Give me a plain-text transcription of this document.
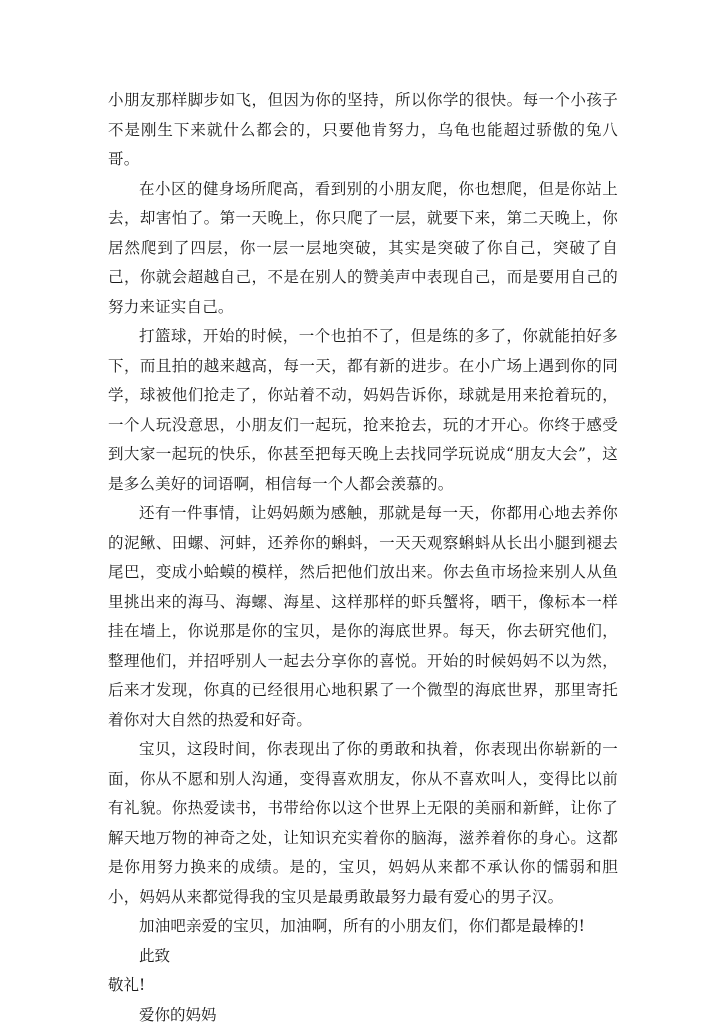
小朋友那样脚步如飞，但因为你的坚持，所以你学的很快。每一个小孩子不是刚生下来就什么都会的，只要他肯努力，乌龟也能超过骄傲的兔八哥。

在小区的健身场所爬高，看到别的小朋友爬，你也想爬，但是你站上去，却害怕了。第一天晚上，你只爬了一层，就要下来，第二天晚上，你居然爬到了四层，你一层一层地突破，其实是突破了你自己，突破了自己，你就会超越自己，不是在别人的赞美声中表现自己，而是要用自己的努力来证实自己。

打篮球，开始的时候，一个也拍不了，但是练的多了，你就能拍好多下，而且拍的越来越高，每一天，都有新的进步。在小广场上遇到你的同学，球被他们抢走了，你站着不动，妈妈告诉你，球就是用来抢着玩的，一个人玩没意思，小朋友们一起玩，抢来抢去，玩的才开心。你终于感受到大家一起玩的快乐，你甚至把每天晚上去找同学玩说成“朋友大会”，这是多么美好的词语啊，相信每一个人都会羡慕的。

还有一件事情，让妈妈颇为感触，那就是每一天，你都用心地去养你的泥鳅、田螺、河蚌，还养你的蝌蚪，一天天观察蝌蚪从长出小腿到褪去尾巴，变成小蛤蟆的模样，然后把他们放出来。你去鱼市场捡来别人从鱼里挑出来的海马、海螺、海星、这样那样的虾兵蟹将，晒干，像标本一样挂在墙上，你说那是你的宝贝，是你的海底世界。每天，你去研究他们，整理他们，并招呼别人一起去分享你的喜悦。开始的时候妈妈不以为然，后来才发现，你真的已经很用心地积累了一个微型的海底世界，那里寄托着你对大自然的热爱和好奇。

宝贝，这段时间，你表现出了你的勇敢和执着，你表现出你崭新的一面，你从不愿和别人沟通，变得喜欢朋友，你从不喜欢叫人，变得比以前有礼貌。你热爱读书，书带给你以这个世界上无限的美丽和新鲜，让你了解天地万物的神奇之处，让知识充实着你的脑海，滋养着你的身心。这都是你用努力换来的成绩。是的，宝贝，妈妈从来都不承认你的懦弱和胆小，妈妈从来都觉得我的宝贝是最勇敢最努力最有爱心的男子汉。

加油吧亲爱的宝贝，加油啊，所有的小朋友们，你们都是最棒的!

此致

敬礼!

爱你的妈妈
